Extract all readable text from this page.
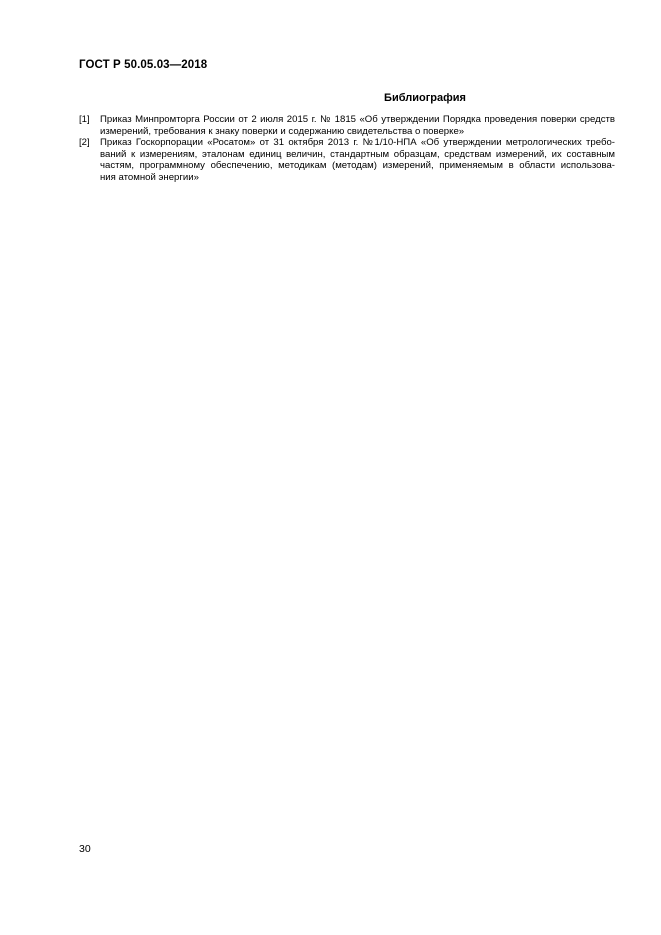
ГОСТ Р 50.05.03—2018
Библиография
[1]	Приказ Минпромторга России от 2 июля 2015 г. № 1815 «Об утверждении Порядка проведения поверки средств
измерений, требования к знаку поверки и содержанию свидетельства о поверке»
[2]	Приказ Госкорпорации «Росатом» от 31 октября 2013 г. №1/10-НПА «Об утверждении метрологических требо-
ваний к измерениям, эталонам единиц величин, стандартным образцам, средствам измерений, их составным
частям, программному обеспечению, методикам (методам) измерений, применяемым в области использова-
ния атомной энергии»
30
